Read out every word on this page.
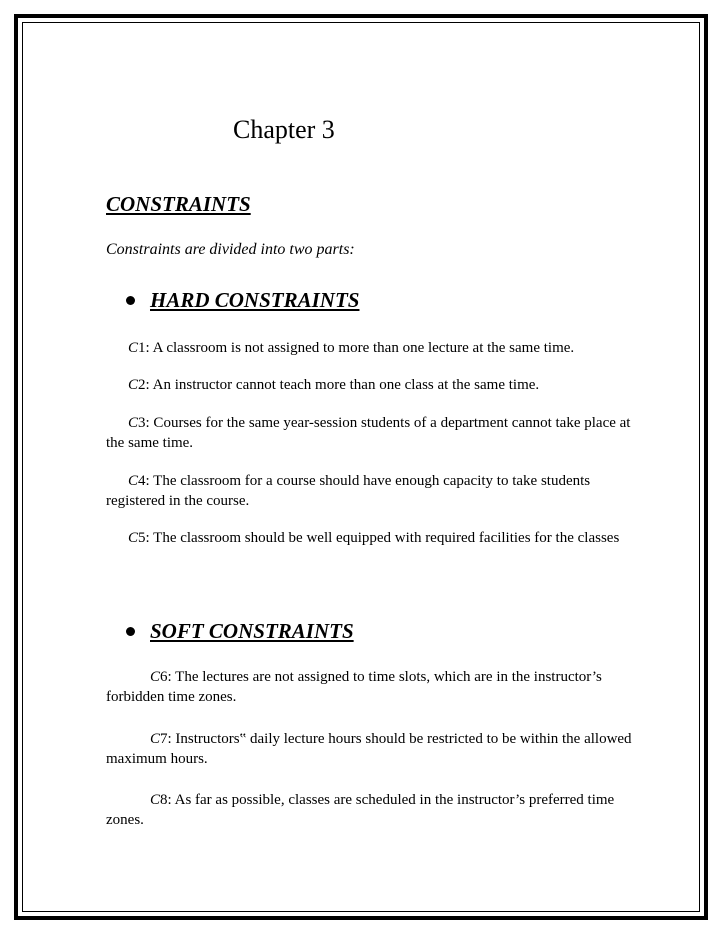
Chapter 3
CONSTRAINTS

Constraints are divided into two parts:

HARD CONSTRAINTS

C1: A classroom is not assigned to more than one lecture at the same time.

C2: An instructor cannot teach more than one class at the same time.

C3: Courses for the same year-session students of a department cannot take place at the same time.

C4: The classroom for a course should have enough capacity to take students registered in the course.

C5: The classroom should be well equipped with required facilities for the classes

SOFT CONSTRAINTS

C6: The lectures are not assigned to time slots, which are in the instructor’s forbidden time zones.

C7: Instructors‟ daily lecture hours should be restricted to be within the allowed maximum hours.

C8: As far as possible, classes are scheduled in the instructor’s preferred time zones.
